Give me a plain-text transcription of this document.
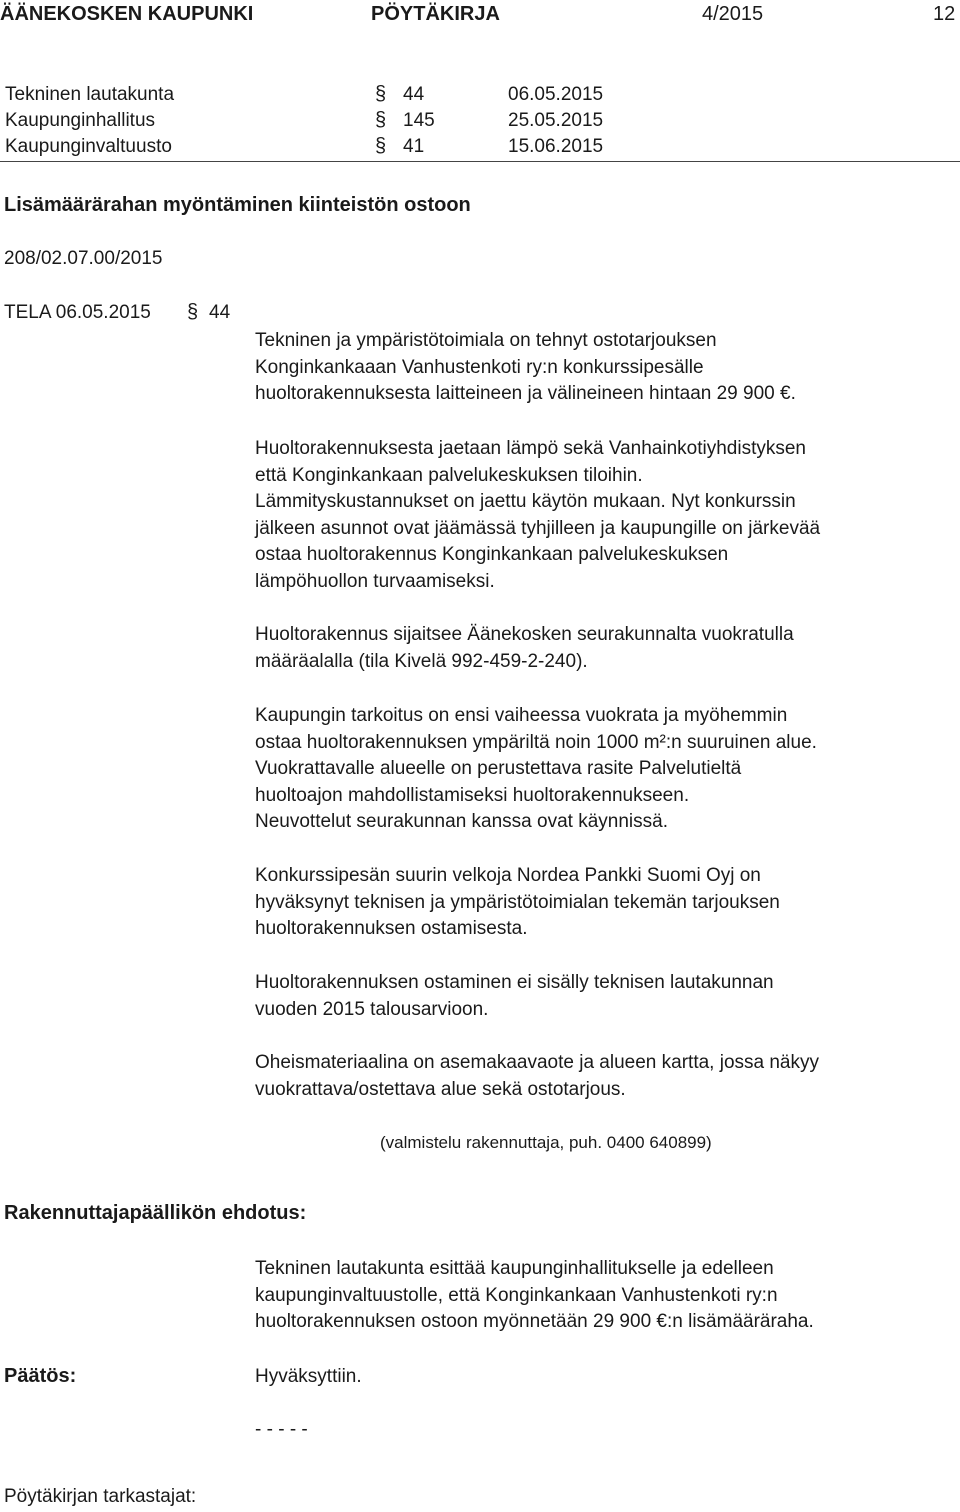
ÄÄNEKOSKEN KAUPUNKI	PÖYTÄKIRJA	4/2015	12
Tekninen lautakunta	§ 44	06.05.2015
Kaupunginhallitus	§ 145	25.05.2015
Kaupunginvaltuusto	§ 41	15.06.2015
Lisämäärärahan myöntäminen kiinteistön ostoon
208/02.07.00/2015
TELA 06.05.2015 § 44
Tekninen ja ympäristötoimiala on tehnyt ostotarjouksen
Konginkankaaan Vanhustenkoti ry:n konkurssipesälle
huoltorakennuksesta laitteineen ja välineineen hintaan 29 900 €.
Huoltorakennuksesta jaetaan lämpö sekä Vanhainkotiyhdistyksen
että Konginkankaan palvelukeskuksen tiloihin.
Lämmityskustannukset on jaettu käytön mukaan. Nyt konkurssin
jälkeen asunnot ovat jäämässä tyhjilleen ja kaupungille on järkevää
ostaa huoltorakennus Konginkankaan palvelukeskuksen
lämpöhuollon turvaamiseksi.
Huoltorakennus sijaitsee Äänekosken seurakunnalta vuokratulla
määräalalla (tila Kivelä 992-459-2-240).
Kaupungin tarkoitus on ensi vaiheessa vuokrata ja myöhemmin
ostaa huoltorakennuksen ympäriltä noin 1000 m²:n suuruinen alue.
Vuokrattavalle alueelle on perustettava rasite Palvelutieltä
huoltoajon mahdollistamiseksi huoltorakennukseen.
Neuvottelut seurakunnan kanssa ovat käynnissä.
Konkurssipesän suurin velkoja Nordea Pankki Suomi Oyj on
hyväksynyt teknisen ja ympäristötoimialan tekemän tarjouksen
huoltorakennuksen ostamisesta.
Huoltorakennuksen ostaminen ei sisälly teknisen lautakunnan
vuoden 2015 talousarvioon.
Oheismateriaalina on asemakaavaote ja alueen kartta, jossa näkyy
vuokrattava/ostettava alue sekä ostotarjous.
(valmistelu rakennuttaja, puh. 0400 640899)
Rakennuttajapäällikön ehdotus:
Tekninen lautakunta esittää kaupunginhallitukselle ja edelleen
kaupunginvaltuustolle, että Konginkankaan Vanhustenkoti ry:n
huoltorakennuksen ostoon myönnetään 29 900 €:n lisämääräraha.
Päätös:	Hyväksyttiin.
- - - - -
Pöytäkirjan tarkastajat:
